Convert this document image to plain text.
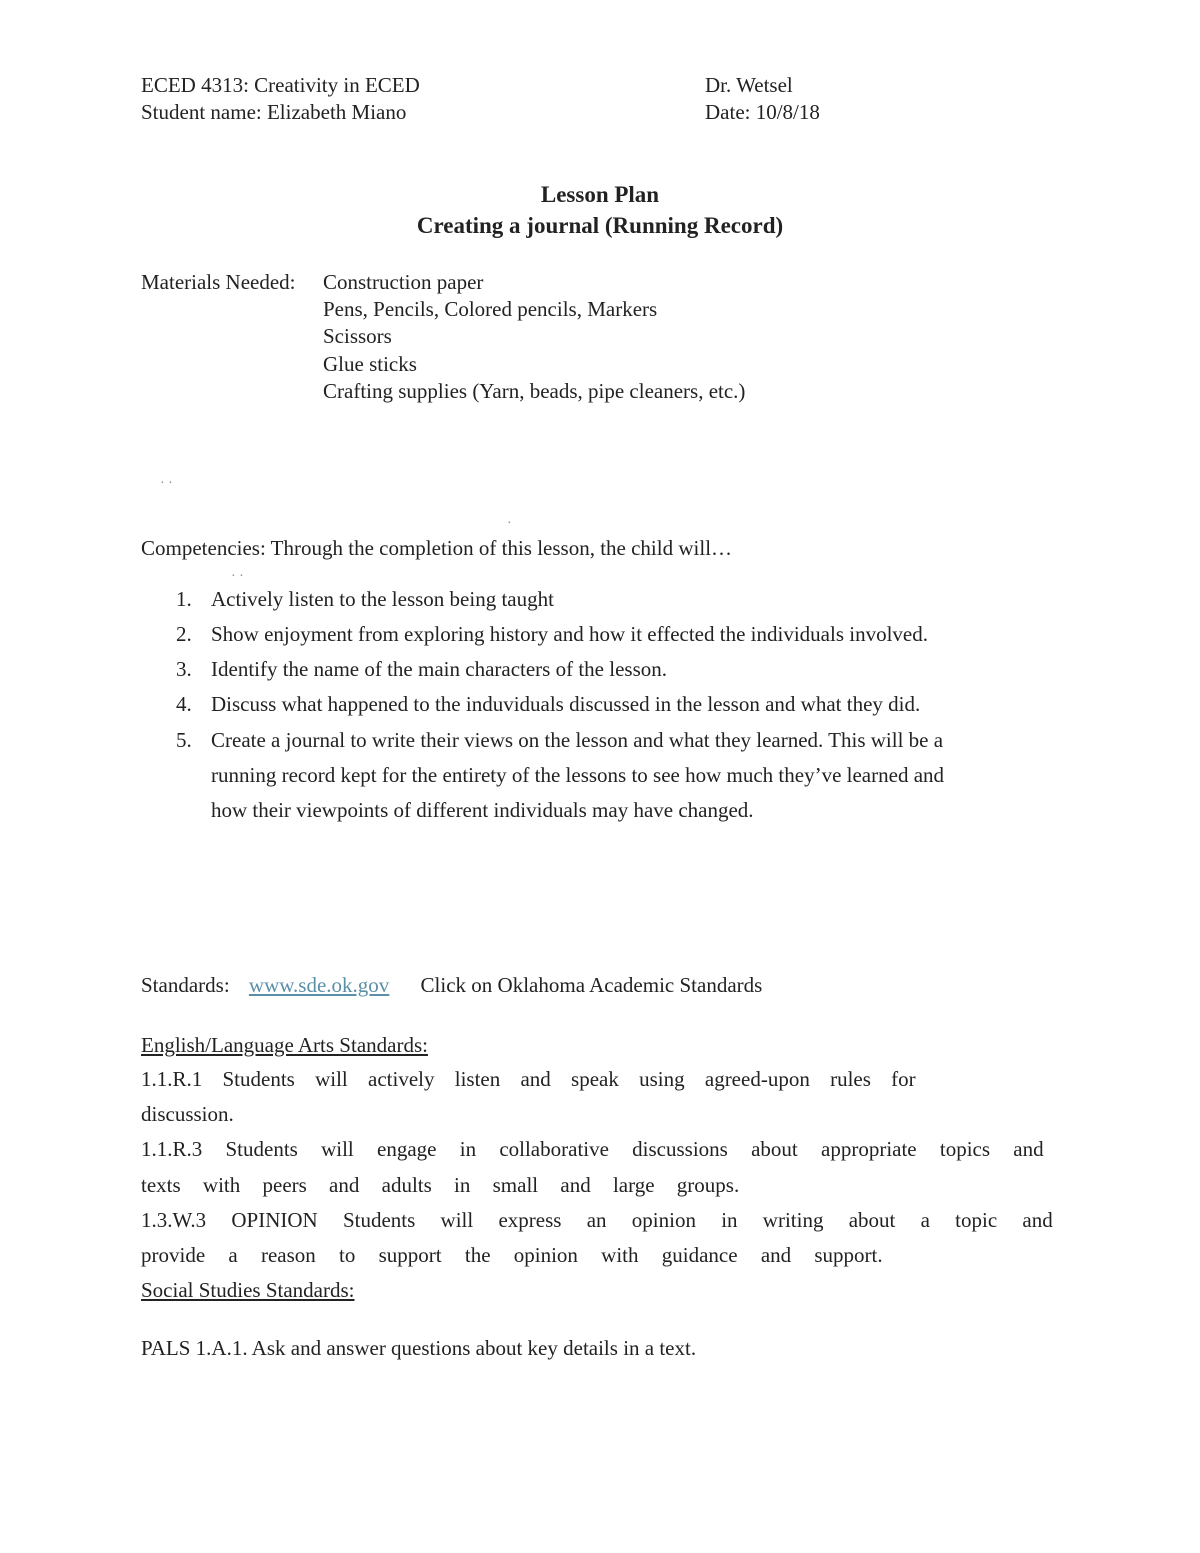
ECED 4313: Creativity in ECED	Dr. Wetsel
Student name: Elizabeth Miano	Date: 10/8/18
Lesson Plan
Creating a journal (Running Record)
Materials Needed: Construction paper
Pens, Pencils, Colored pencils, Markers
Scissors
Glue sticks
Crafting supplies (Yarn, beads, pipe cleaners, etc.)
· ·
·
Competencies: Through the completion of this lesson, the child will…
· ·
1. Actively listen to the lesson being taught
2. Show enjoyment from exploring history and how it effected the individuals involved.
3. Identify the name of the main characters of the lesson.
4. Discuss what happened to the induviduals discussed in the lesson and what they did.
5. Create a journal to write their views on the lesson and what they learned. This will be a
running record kept for the entirety of the lessons to see how much they’ve learned and
how their viewpoints of different individuals may have changed.
Standards: www.sde.ok.gov Click on Oklahoma Academic Standards
English/Language Arts Standards:
1.1.R.1 Students will actively listen and speak using agreed-upon rules for
discussion.
1.1.R.3 Students will engage in collaborative discussions about appropriate topics and
texts with peers and adults in small and large groups.
1.3.W.3 OPINION Students will express an opinion in writing about a topic and
provide a reason to support the opinion with guidance and support.
Social Studies Standards:
PALS 1.A.1. Ask and answer questions about key details in a text.
